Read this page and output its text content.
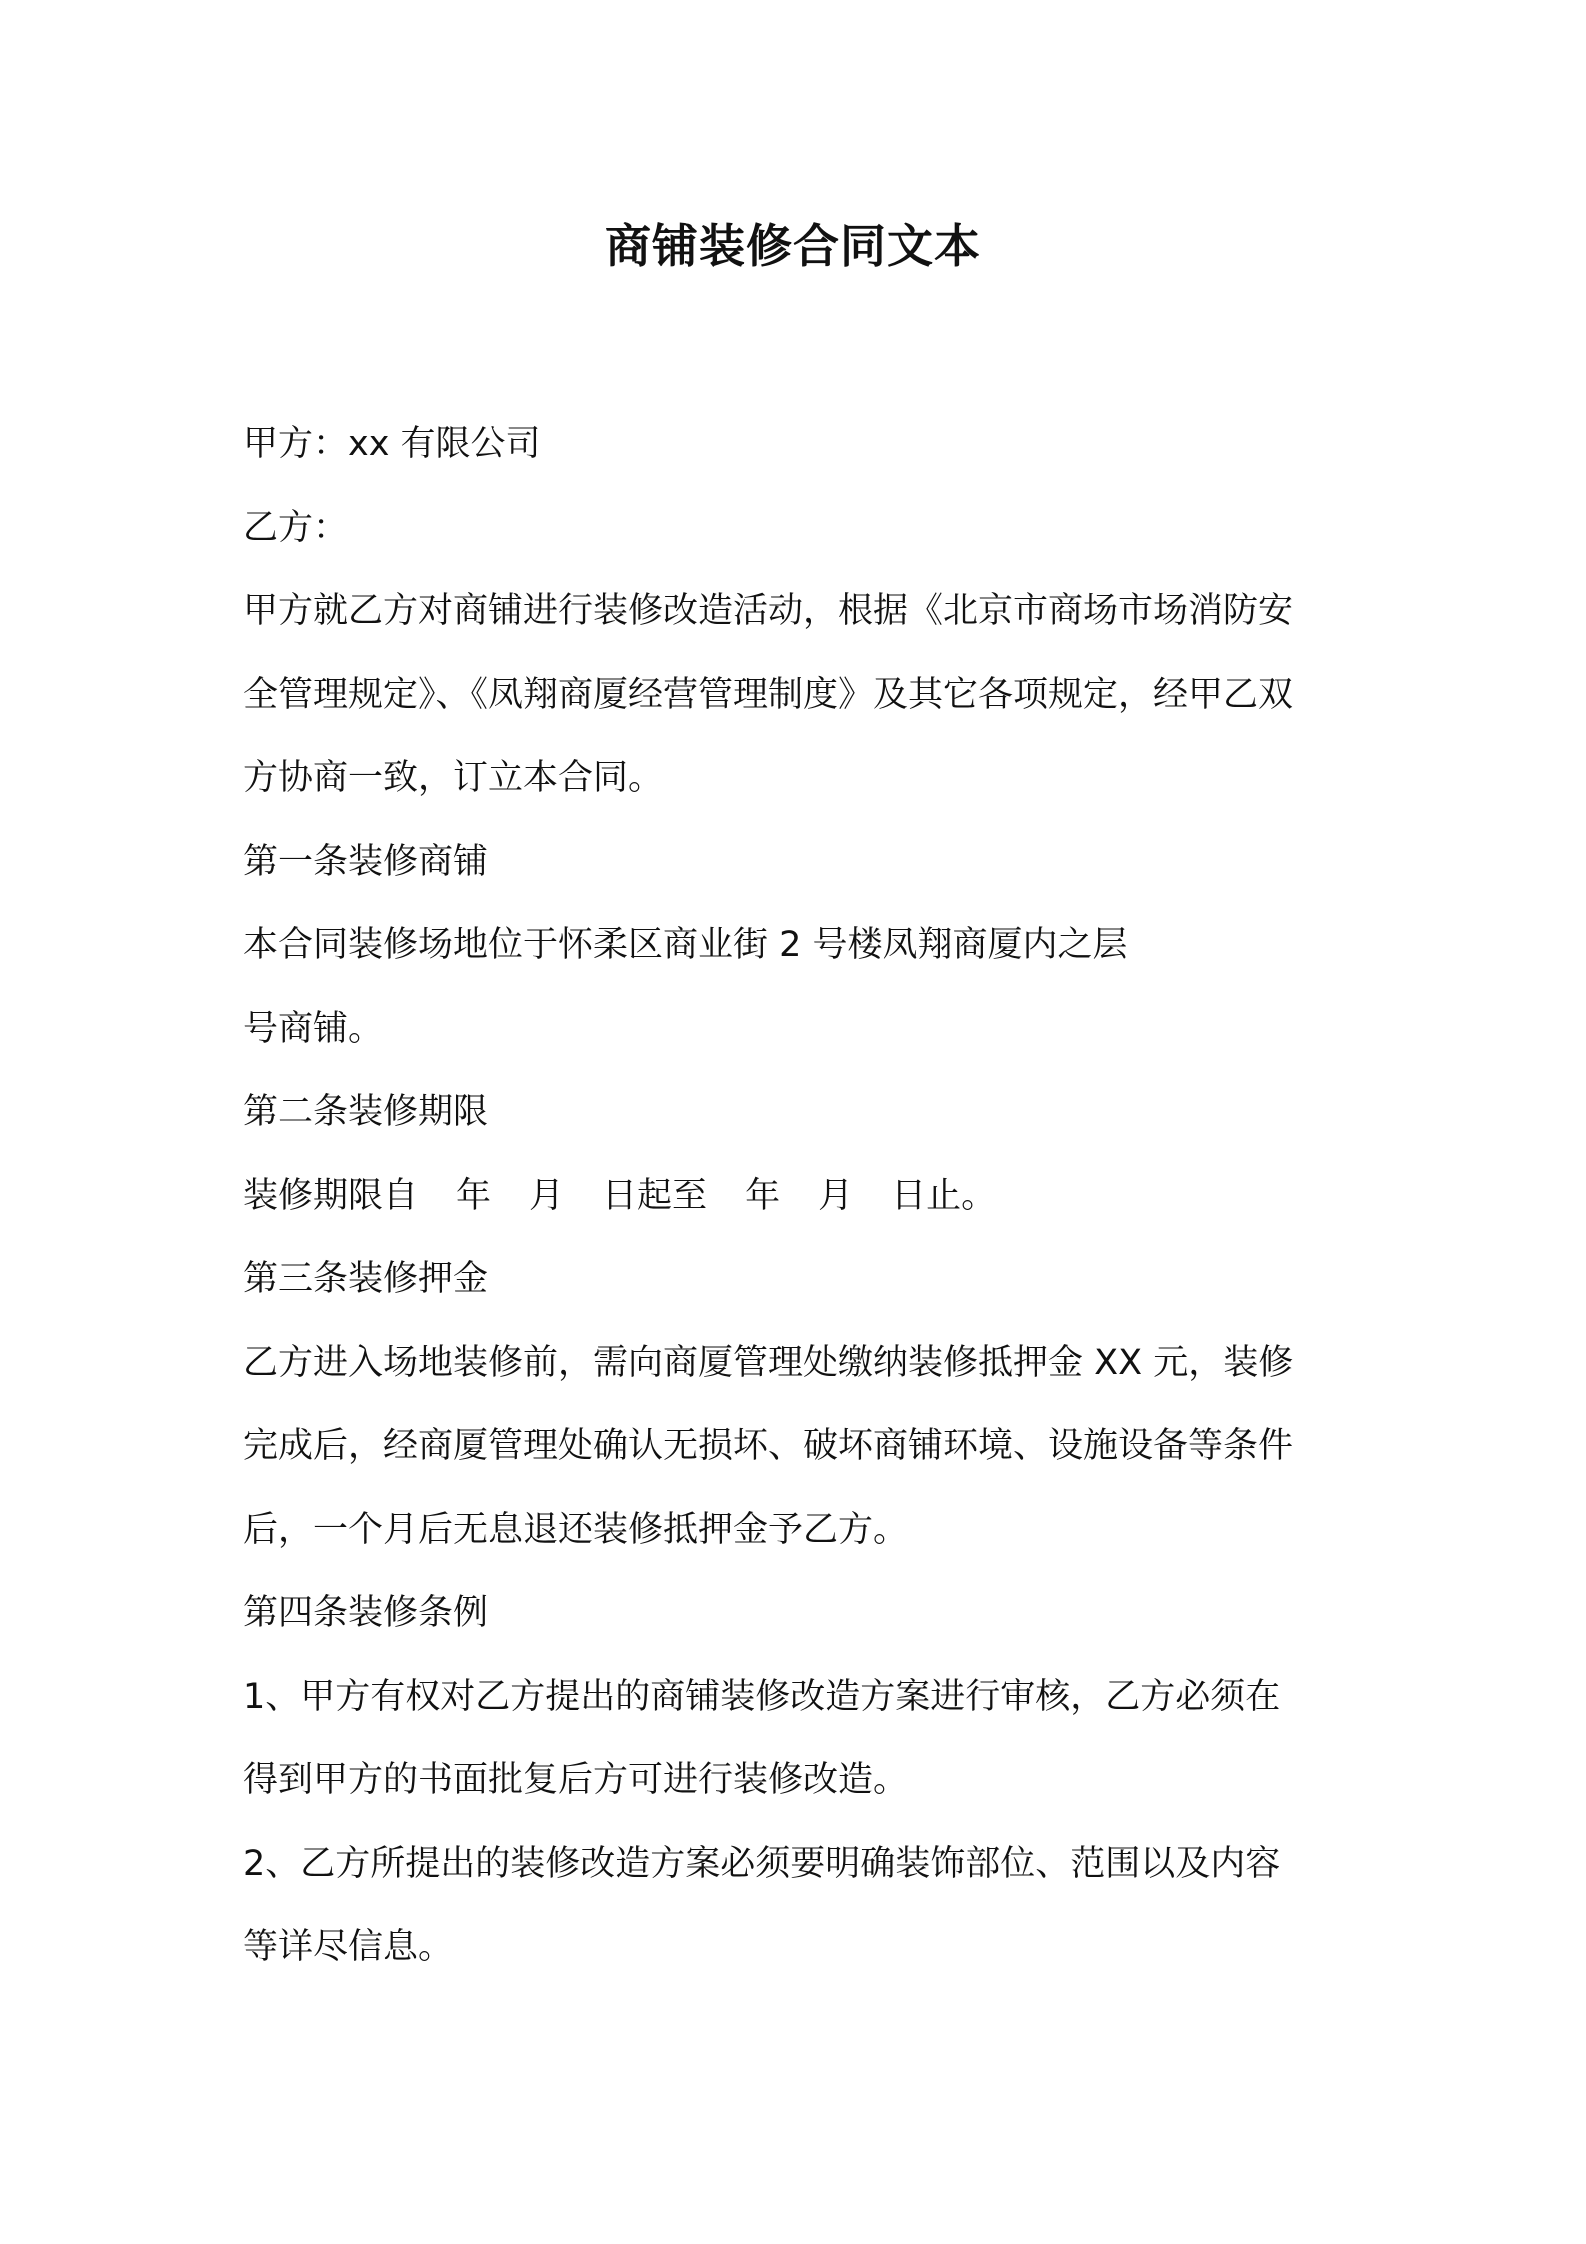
商铺装修合同文本

甲方：xx 有限公司

乙方：

甲方就乙方对商铺进行装修改造活动，根据《北京市商场市场消防安

全管理规定》、《凤翔商厦经营管理制度》及其它各项规定，经甲乙双

方协商一致，订立本合同。

第一条装修商铺

本合同装修场地位于怀柔区商业街 2 号楼凤翔商厦内之层

号商铺。

第二条装修期限

装修期限自 年 月 日起至 年 月 日止。

第三条装修押金

乙方进入场地装修前，需向商厦管理处缴纳装修抵押金 XX 元，装修

完成后，经商厦管理处确认无损坏、破坏商铺环境、设施设备等条件

后，一个月后无息退还装修抵押金予乙方。

第四条装修条例

1、甲方有权对乙方提出的商铺装修改造方案进行审核，乙方必须在

得到甲方的书面批复后方可进行装修改造。

2、乙方所提出的装修改造方案必须要明确装饰部位、范围以及内容

等详尽信息。
